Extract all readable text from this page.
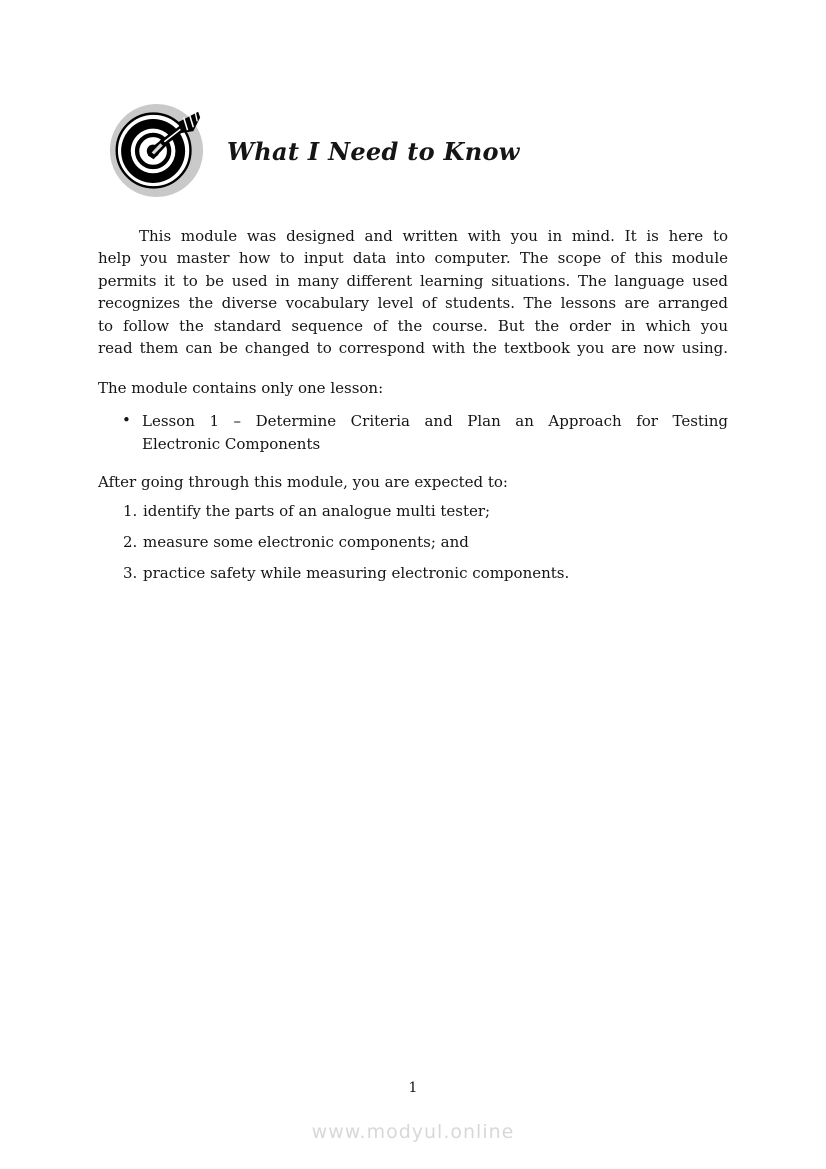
What I Need to Know
This module was designed and written with you in mind. It is here to
help you master how to input data into computer. The scope of this module
permits it to be used in many different learning situations. The language used
recognizes the diverse vocabulary level of students. The lessons are arranged
to follow the standard sequence of the course. But the order in which you
read them can be changed to correspond with the textbook you are now using.
The module contains only one lesson:
• Lesson 1 – Determine Criteria and Plan an Approach for Testing
Electronic Components
After going through this module, you are expected to:
1. identify the parts of an analogue multi tester;
2. measure some electronic components; and
3. practice safety while measuring electronic components.
1
www.modyul.online
